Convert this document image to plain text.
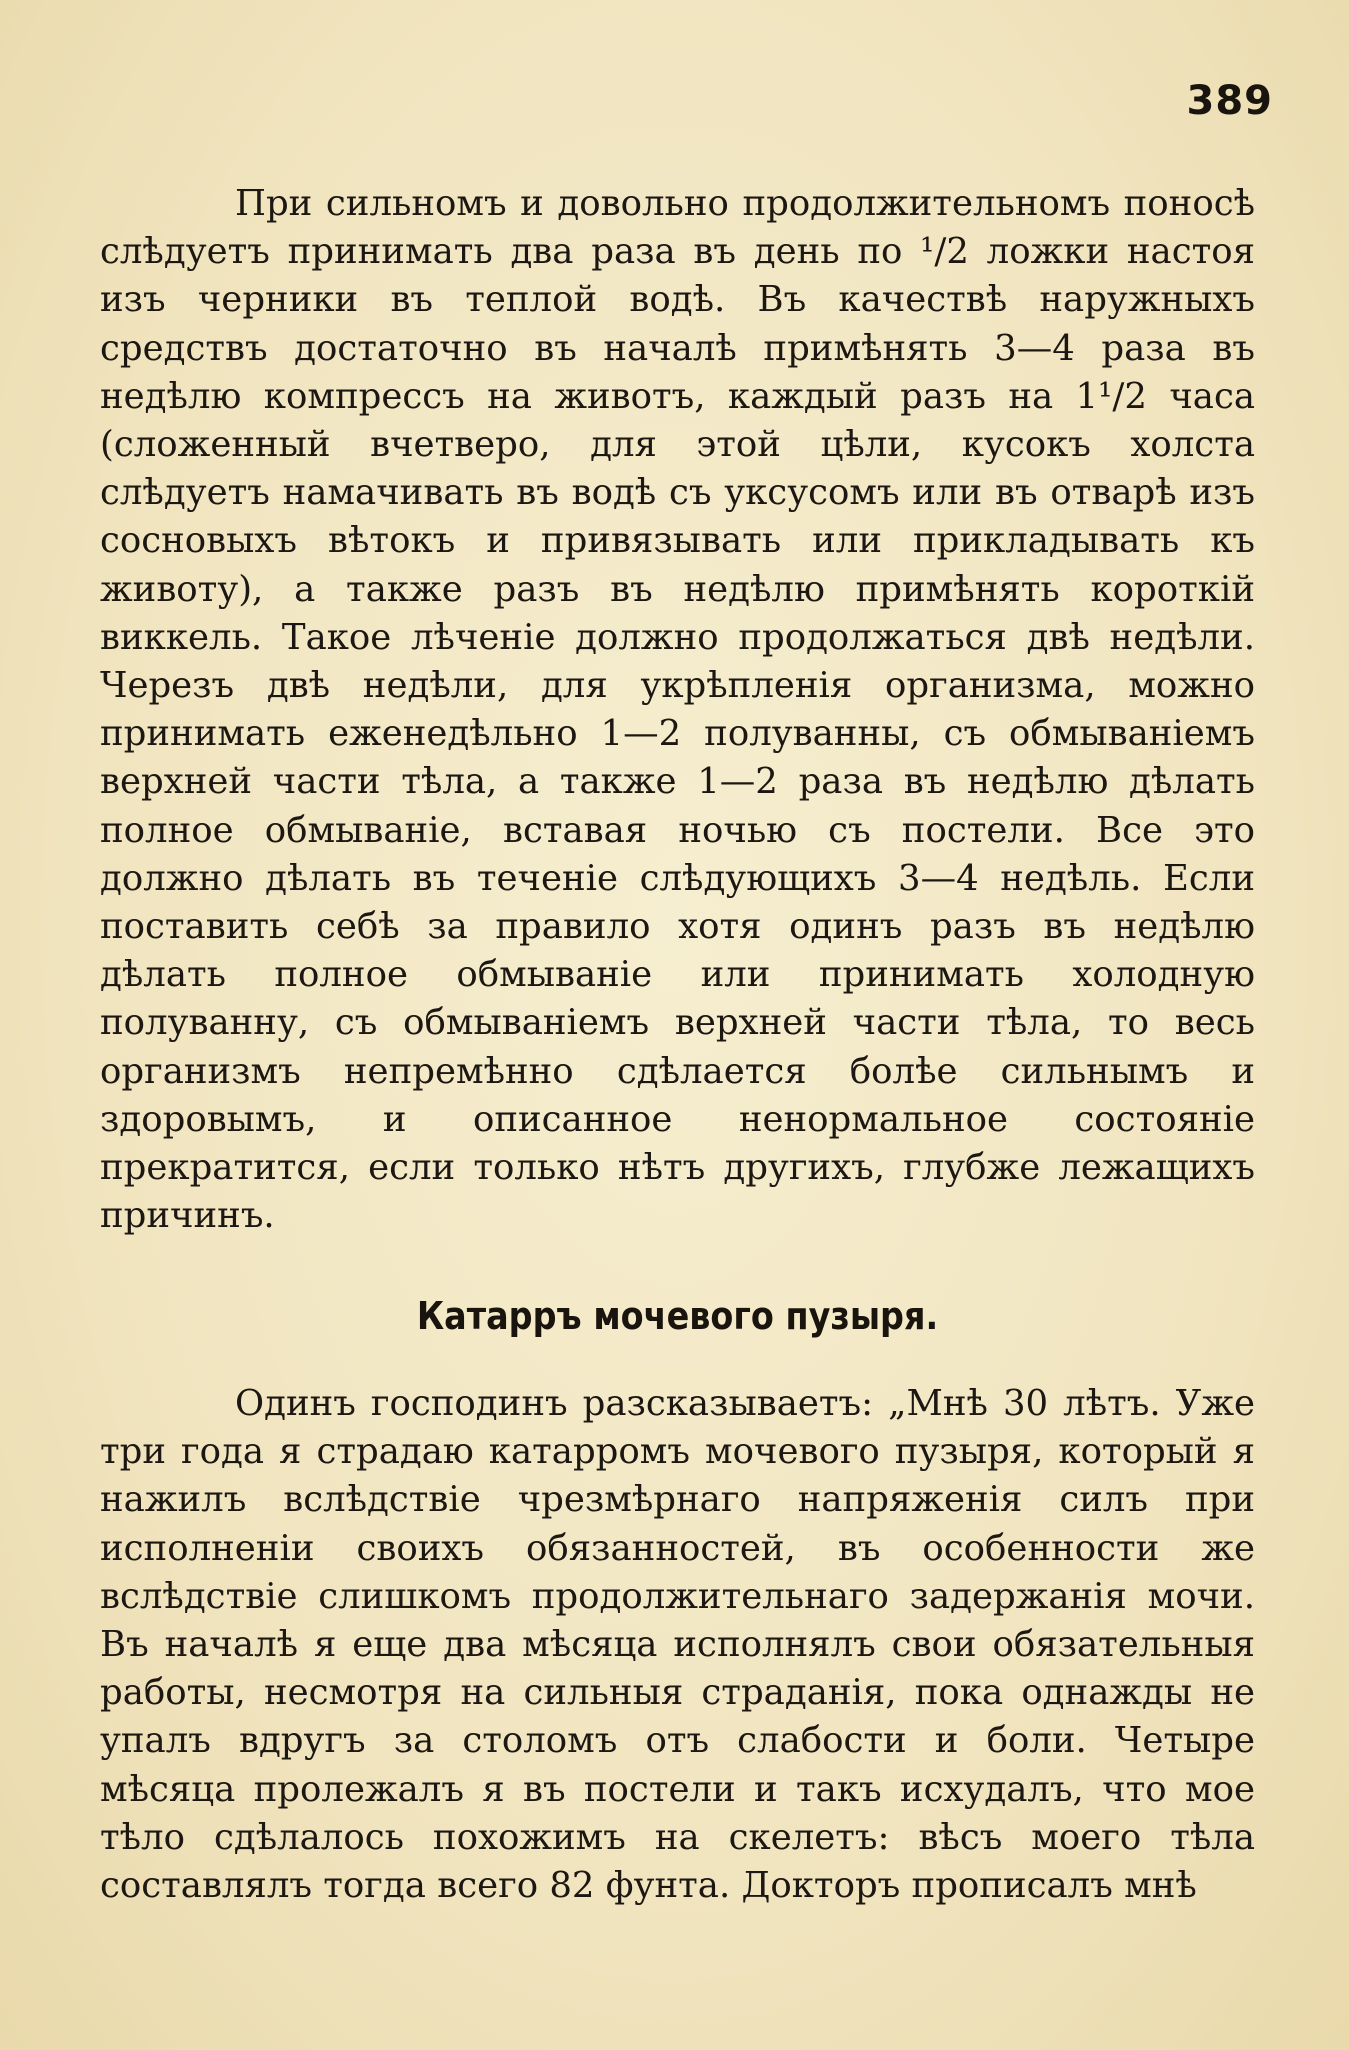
389

При сильномъ и довольно продолжительномъ поносѣ слѣдуетъ принимать два раза въ день по ¹/2 ложки настоя изъ черники въ теплой водѣ. Въ качествѣ наружныхъ средствъ достаточно въ началѣ примѣнять 3—4 раза въ недѣлю компрессъ на животъ, каждый разъ на 1¹/2 часа (сложенный вчетверо, для этой цѣли, кусокъ холста слѣдуетъ намачивать въ водѣ съ уксусомъ или въ отварѣ изъ сосновыхъ вѣтокъ и привязывать или прикладывать къ животу), а также разъ въ недѣлю примѣнять короткій виккель. Такое лѣченіе должно продолжаться двѣ недѣли. Черезъ двѣ недѣли, для укрѣпленія организма, можно принимать еженедѣльно 1—2 полуванны, съ обмываніемъ верхней части тѣла, а также 1—2 раза въ недѣлю дѣлать полное обмываніе, вставая ночью съ постели. Все это должно дѣлать въ теченіе слѣдующихъ 3—4 недѣль. Если поставить себѣ за правило хотя одинъ разъ въ недѣлю дѣлать полное обмываніе или принимать холодную полуванну, съ обмываніемъ верхней части тѣла, то весь организмъ непремѣнно сдѣлается болѣе сильнымъ и здоровымъ, и описанное ненормальное состояніе прекратится, если только нѣтъ другихъ, глубже лежащихъ причинъ.

Катарръ мочевого пузыря.

Одинъ господинъ разсказываетъ: „Мнѣ 30 лѣтъ. Уже три года я страдаю катарромъ мочевого пузыря, который я нажилъ вслѣдствіе чрезмѣрнаго напряженія силъ при исполненіи своихъ обязанностей, въ особенности же вслѣдствіе слишкомъ продолжительнаго задержанія мочи. Въ началѣ я еще два мѣсяца исполнялъ свои обязательныя работы, несмотря на сильныя страданія, пока однажды не упалъ вдругъ за столомъ отъ слабости и боли. Четыре мѣсяца пролежалъ я въ постели и такъ исхудалъ, что мое тѣло сдѣлалось похожимъ на скелетъ: вѣсъ моего тѣла составлялъ тогда всего 82 фунта. Докторъ прописалъ мнѣ
